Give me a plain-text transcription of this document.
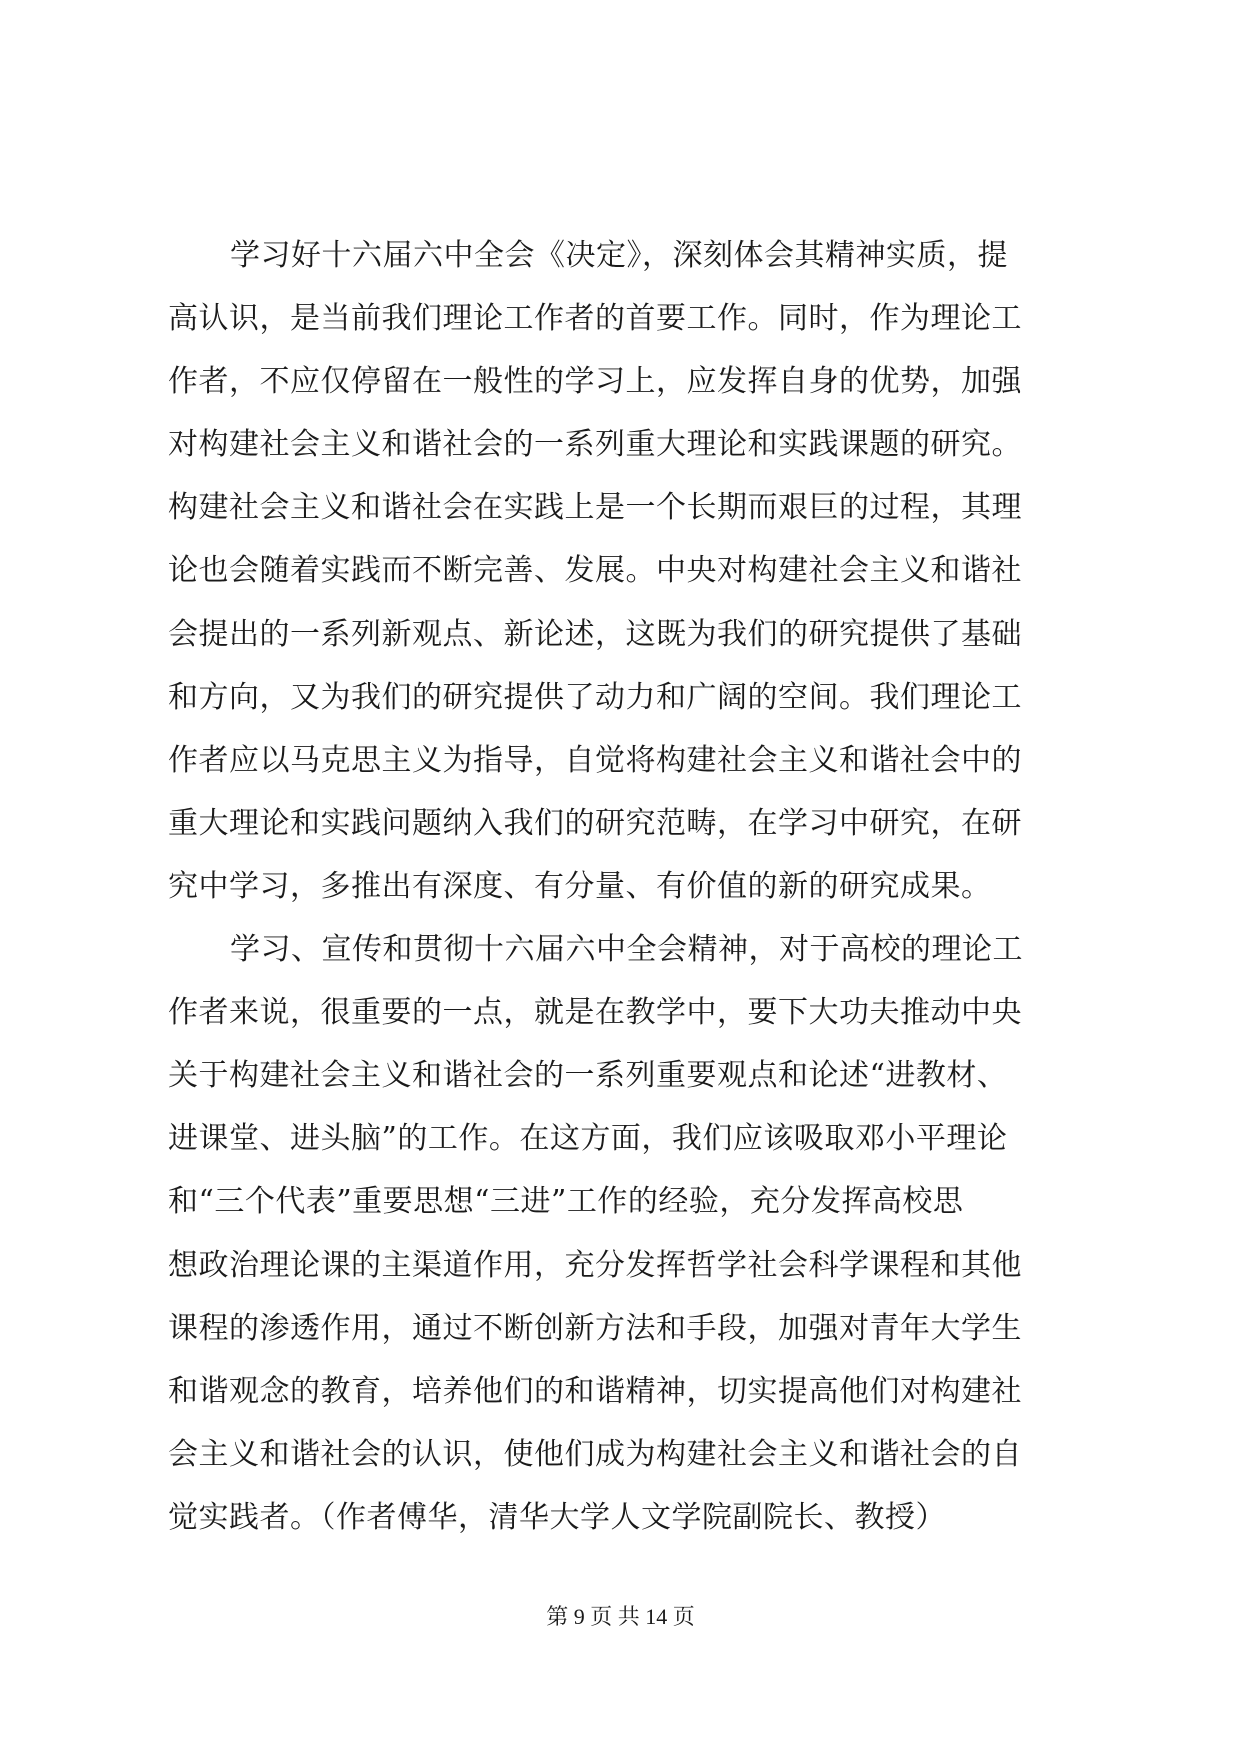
学习好十六届六中全会《决定》，深刻体会其精神实质，提
高认识，是当前我们理论工作者的首要工作。同时，作为理论工
作者，不应仅停留在一般性的学习上，应发挥自身的优势，加强
对构建社会主义和谐社会的一系列重大理论和实践课题的研究。
构建社会主义和谐社会在实践上是一个长期而艰巨的过程，其理
论也会随着实践而不断完善、发展。中央对构建社会主义和谐社
会提出的一系列新观点、新论述，这既为我们的研究提供了基础
和方向，又为我们的研究提供了动力和广阔的空间。我们理论工
作者应以马克思主义为指导，自觉将构建社会主义和谐社会中的
重大理论和实践问题纳入我们的研究范畴，在学习中研究，在研
究中学习，多推出有深度、有分量、有价值的新的研究成果。
学习、宣传和贯彻十六届六中全会精神，对于高校的理论工
作者来说，很重要的一点，就是在教学中，要下大功夫推动中央
关于构建社会主义和谐社会的一系列重要观点和论述“进教材、
进课堂、进头脑”的工作。在这方面，我们应该吸取邓小平理论
和“三个代表”重要思想“三进”工作的经验，充分发挥高校思
想政治理论课的主渠道作用，充分发挥哲学社会科学课程和其他
课程的渗透作用，通过不断创新方法和手段，加强对青年大学生
和谐观念的教育，培养他们的和谐精神，切实提高他们对构建社
会主义和谐社会的认识，使他们成为构建社会主义和谐社会的自
觉实践者。（作者傅华，清华大学人文学院副院长、教授）
第 9 页 共 14 页
